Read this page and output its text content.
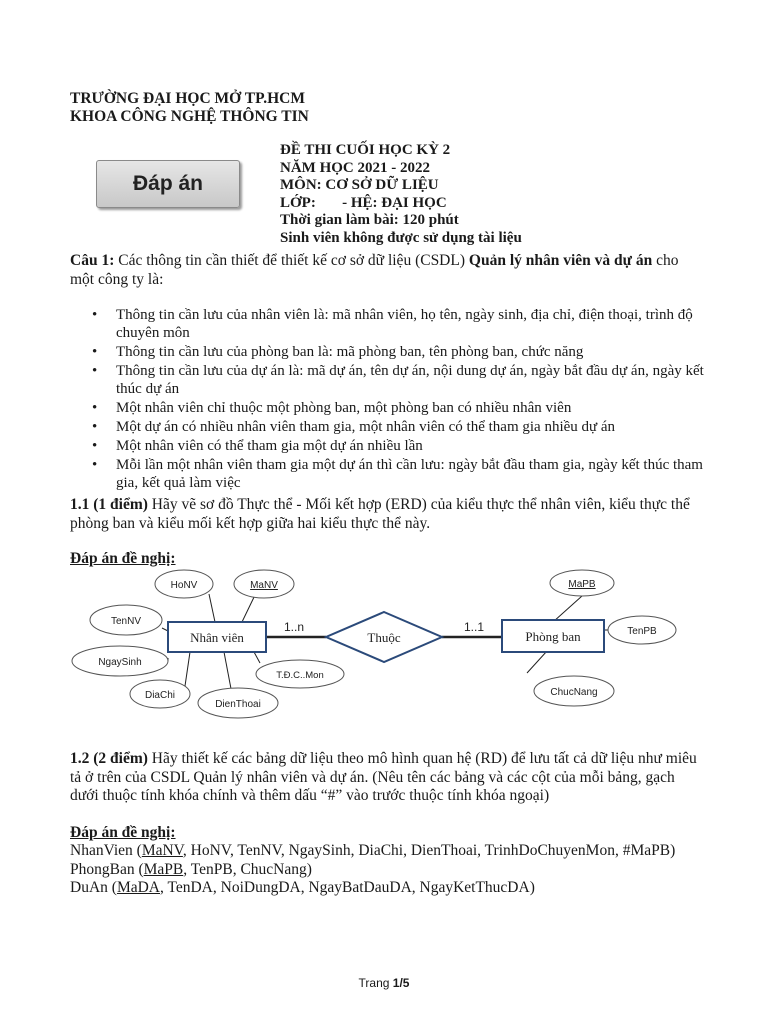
TRƯỜNG ĐẠI HỌC MỞ TP.HCM
KHOA CÔNG NGHỆ THÔNG TIN
Đáp án
ĐỀ THI CUỐI HỌC KỲ 2
NĂM HỌC 2021 - 2022
MÔN: CƠ SỞ DỮ LIỆU
LỚP:       - HỆ: ĐẠI HỌC
Thời gian làm bài: 120 phút
Sinh viên không được sử dụng tài liệu
Câu 1: Các thông tin cần thiết để thiết kế cơ sở dữ liệu (CSDL) Quản lý nhân viên và dự án cho một công ty là:
• Thông tin cần lưu của nhân viên là: mã nhân viên, họ tên, ngày sinh, địa chỉ, điện thoại, trình độ chuyên môn
• Thông tin cần lưu của phòng ban là: mã phòng ban, tên phòng ban, chức năng
• Thông tin cần lưu của dự án là: mã dự án, tên dự án, nội dung dự án, ngày bắt đầu dự án, ngày kết thúc dự án
• Một nhân viên chỉ thuộc một phòng ban, một phòng ban có nhiều nhân viên
• Một dự án có nhiều nhân viên tham gia, một nhân viên có thể tham gia nhiều dự án
• Một nhân viên có thể tham gia một dự án nhiều lần
• Mỗi lần một nhân viên tham gia một dự án thì cần lưu: ngày bắt đầu tham gia, ngày kết thúc tham gia, kết quả làm việc
1.1 (1 điểm) Hãy vẽ sơ đồ Thực thể - Mối kết hợp (ERD) của kiểu thực thể nhân viên, kiểu thực thể phòng ban và kiểu mối kết hợp giữa hai kiểu thực thể này.
Đáp án đề nghị:
HoNV	MaNV
TenNV
NgaySinh
DiaChi
DienThoai
T.Đ.C..Mon
Nhân viên	Thuộc
1..n	1..1
Phòng ban
MaPB
TenPB
ChucNang
1.2 (2 điểm) Hãy thiết kế các bảng dữ liệu theo mô hình quan hệ (RD) để lưu tất cả dữ liệu như miêu tả ở trên của CSDL Quản lý nhân viên và dự án. (Nêu tên các bảng và các cột của mỗi bảng, gạch dưới thuộc tính khóa chính và thêm dấu “#” vào trước thuộc tính khóa ngoại)
Đáp án đề nghị:
NhanVien (MaNV, HoNV, TenNV, NgaySinh, DiaChi, DienThoai, TrinhDoChuyenMon, #MaPB)
PhongBan (MaPB, TenPB, ChucNang)
DuAn (MaDA, TenDA, NoiDungDA, NgayBatDauDA, NgayKetThucDA)
Trang 1/5
